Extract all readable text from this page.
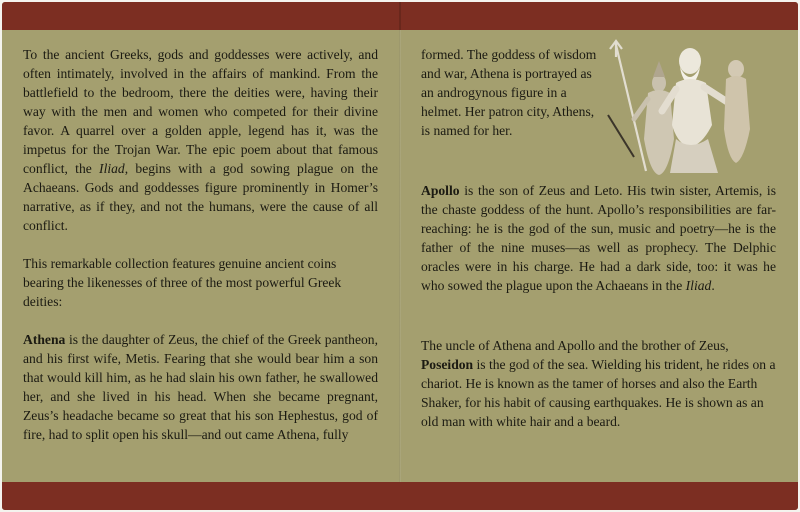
To the ancient Greeks, gods and goddesses were actively, and often intimately, involved in the affairs of mankind. From the battlefield to the bedroom, there the deities were, having their way with the men and women who competed for their divine favor. A quarrel over a golden apple, legend has it, was the impetus for the Trojan War. The epic poem about that famous conflict, the Iliad, begins with a god sowing plague on the Achaeans. Gods and goddesses figure prominently in Homer’s narrative, as if they, and not the humans, were the cause of all conflict.

This remarkable collection features genuine ancient coins bearing the likenesses of three of the most powerful Greek deities:

Athena is the daughter of Zeus, the chief of the Greek pantheon, and his first wife, Metis. Fearing that she would bear him a son that would kill him, as he had slain his own father, he swallowed her, and she lived in his head. When she became pregnant, Zeus’s headache became so great that his son Hephestus, god of fire, had to split open his skull—and out came Athena, fully

formed. The goddess of wisdom and war, Athena is portrayed as an androgynous figure in a helmet. Her patron city, Athens, is named for her.

Apollo is the son of Zeus and Leto. His twin sister, Artemis, is the chaste goddess of the hunt. Apollo’s responsibilities are far-reaching: he is the god of the sun, music and poetry—he is the father of the nine muses—as well as prophecy. The Delphic oracles were in his charge. He had a dark side, too: it was he who sowed the plague upon the Achaeans in the Iliad.

The uncle of Athena and Apollo and the brother of Zeus, Poseidon is the god of the sea. Wielding his trident, he rides on a chariot. He is known as the tamer of horses and also the Earth Shaker, for his habit of causing earthquakes. He is shown as an old man with white hair and a beard.
